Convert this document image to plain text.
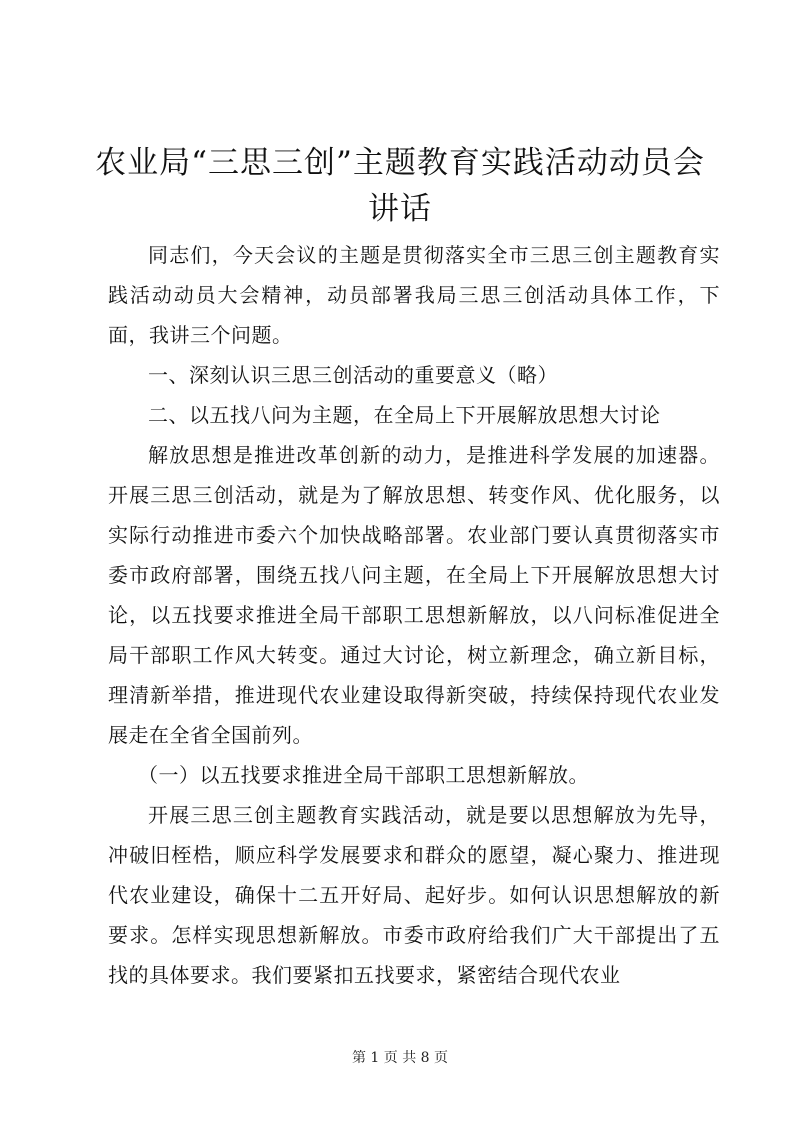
农业局“三思三创”主题教育实践活动动员会讲话

同志们，今天会议的主题是贯彻落实全市三思三创主题教育实践活动动员大会精神，动员部署我局三思三创活动具体工作，下面，我讲三个问题。

一、深刻认识三思三创活动的重要意义（略）

二、以五找八问为主题，在全局上下开展解放思想大讨论

解放思想是推进改革创新的动力，是推进科学发展的加速器。开展三思三创活动，就是为了解放思想、转变作风、优化服务，以实际行动推进市委六个加快战略部署。农业部门要认真贯彻落实市委市政府部署，围绕五找八问主题，在全局上下开展解放思想大讨论，以五找要求推进全局干部职工思想新解放，以八问标准促进全局干部职工作风大转变。通过大讨论，树立新理念，确立新目标，理清新举措，推进现代农业建设取得新突破，持续保持现代农业发展走在全省全国前列。

（一）以五找要求推进全局干部职工思想新解放。

开展三思三创主题教育实践活动，就是要以思想解放为先导，冲破旧桎梏，顺应科学发展要求和群众的愿望，凝心聚力、推进现代农业建设，确保十二五开好局、起好步。如何认识思想解放的新要求。怎样实现思想新解放。市委市政府给我们广大干部提出了五找的具体要求。我们要紧扣五找要求，紧密结合现代农业

第 1 页 共 8 页
